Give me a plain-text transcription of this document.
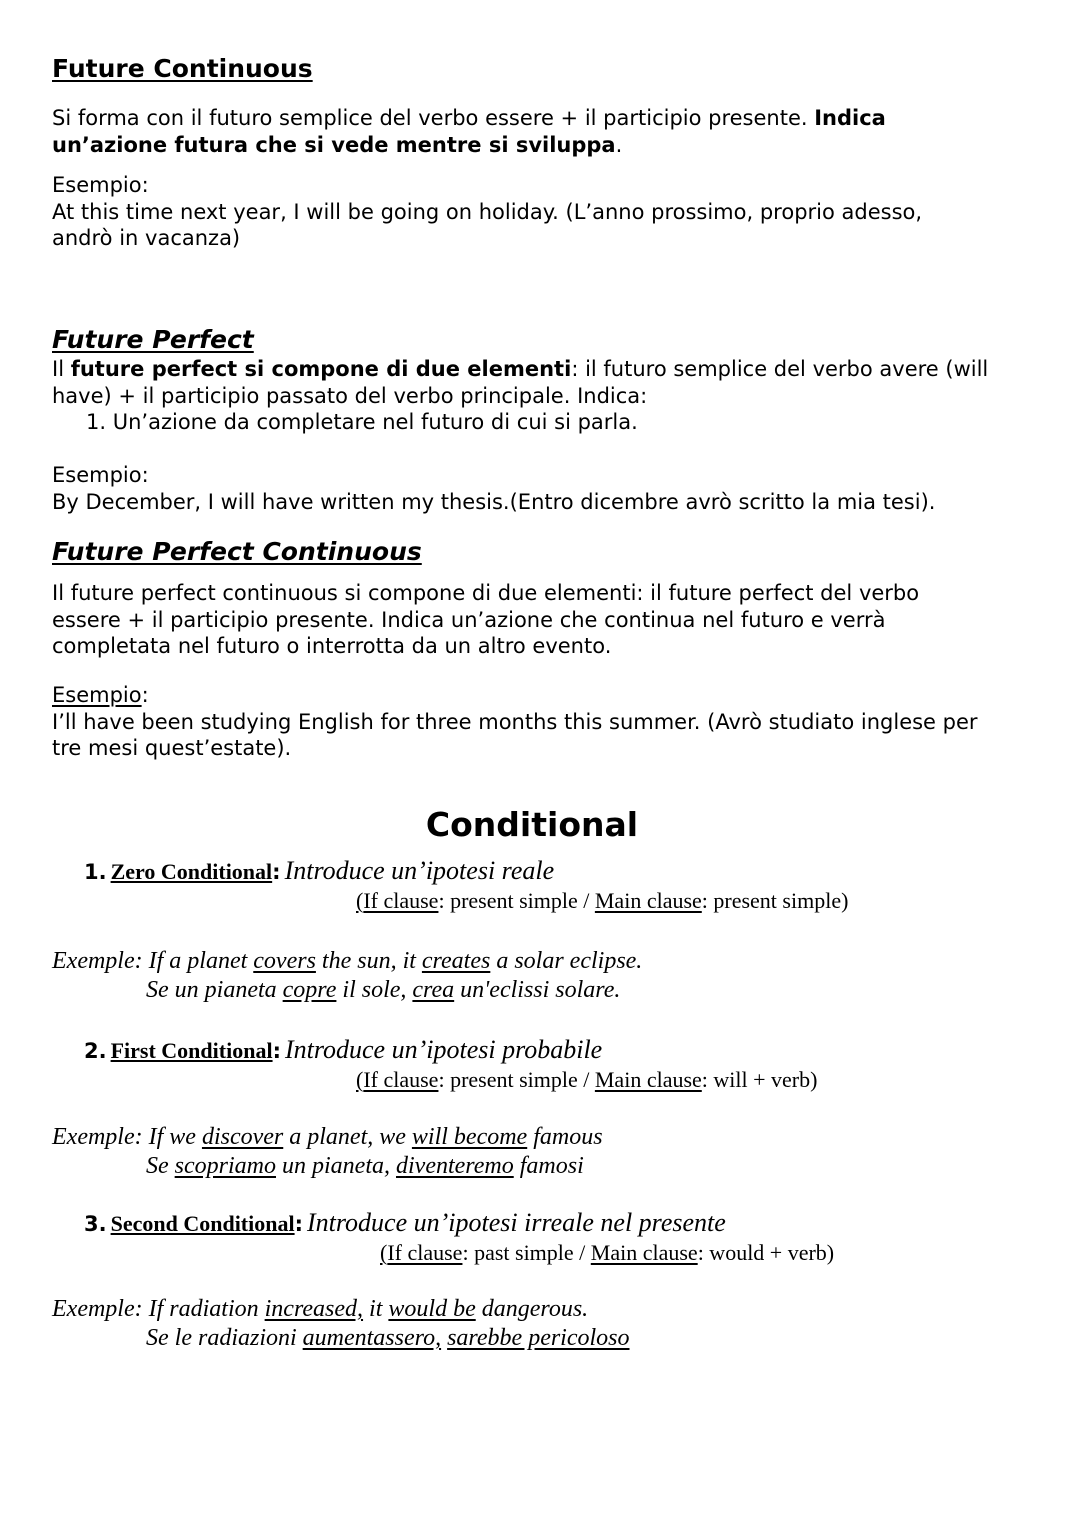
Future Continuous

Si forma con il futuro semplice del verbo essere + il participio presente. Indica un’azione futura che si vede mentre si sviluppa.

Esempio:
At this time next year, I will be going on holiday. (L’anno prossimo, proprio adesso, andrò in vacanza)

Future Perfect

Il future perfect si compone di due elementi: il futuro semplice del verbo avere (will have) + il participio passato del verbo principale. Indica:

1. Un’azione da completare nel futuro di cui si parla.

Esempio:
By December, I will have written my thesis.(Entro dicembre avrò scritto la mia tesi).

Future Perfect Continuous

Il future perfect continuous si compone di due elementi: il future perfect del verbo essere + il participio presente. Indica un’azione che continua nel futuro e verrà completata nel futuro o interrotta da un altro evento.

Esempio:
I’ll have been studying English for three months this summer. (Avrò studiato inglese per tre mesi quest’estate).

Conditional

1. Zero Conditional: Introduce un’ipotesi reale

(If clause: present simple / Main clause: present simple)

Exemple: If a planet covers the sun, it creates a solar eclipse.
Se un pianeta copre il sole, crea un'eclissi solare.

2. First Conditional: Introduce un’ipotesi probabile

(If clause: present simple / Main clause: will + verb)

Exemple: If we discover a planet, we will become famous
Se scopriamo un pianeta, diventeremo famosi

3. Second Conditional: Introduce un’ipotesi irreale nel presente

(If clause: past simple / Main clause: would + verb)

Exemple: If radiation increased, it would be dangerous.
Se le radiazioni aumentassero, sarebbe pericoloso
